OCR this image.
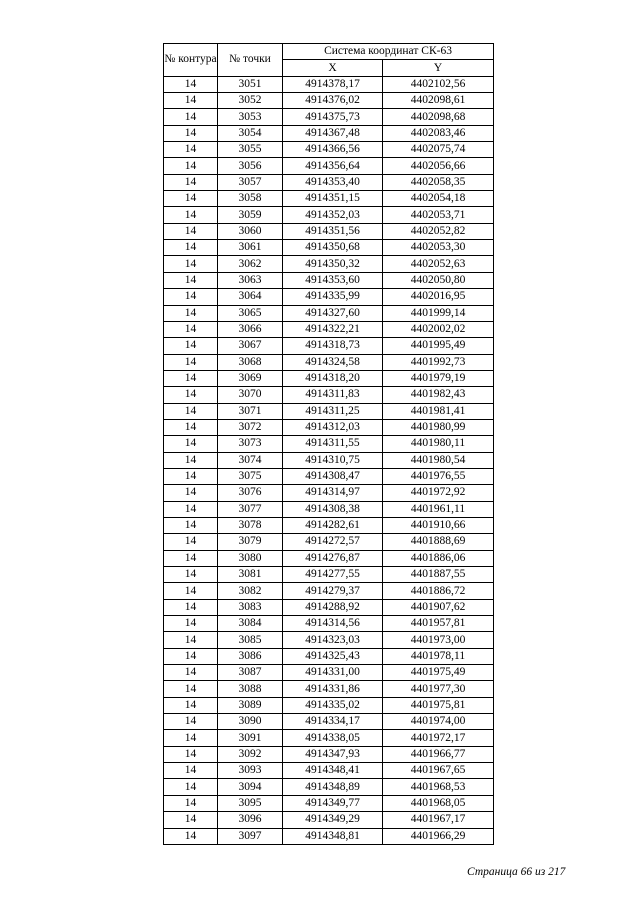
№ контура	№ точки	Система координат СК-63	
		X	Y
14	3051	4914378,17	4402102,56
14	3052	4914376,02	4402098,61
14	3053	4914375,73	4402098,68
14	3054	4914367,48	4402083,46
14	3055	4914366,56	4402075,74
14	3056	4914356,64	4402056,66
14	3057	4914353,40	4402058,35
14	3058	4914351,15	4402054,18
14	3059	4914352,03	4402053,71
14	3060	4914351,56	4402052,82
14	3061	4914350,68	4402053,30
14	3062	4914350,32	4402052,63
14	3063	4914353,60	4402050,80
14	3064	4914335,99	4402016,95
14	3065	4914327,60	4401999,14
14	3066	4914322,21	4402002,02
14	3067	4914318,73	4401995,49
14	3068	4914324,58	4401992,73
14	3069	4914318,20	4401979,19
14	3070	4914311,83	4401982,43
14	3071	4914311,25	4401981,41
14	3072	4914312,03	4401980,99
14	3073	4914311,55	4401980,11
14	3074	4914310,75	4401980,54
14	3075	4914308,47	4401976,55
14	3076	4914314,97	4401972,92
14	3077	4914308,38	4401961,11
14	3078	4914282,61	4401910,66
14	3079	4914272,57	4401888,69
14	3080	4914276,87	4401886,06
14	3081	4914277,55	4401887,55
14	3082	4914279,37	4401886,72
14	3083	4914288,92	4401907,62
14	3084	4914314,56	4401957,81
14	3085	4914323,03	4401973,00
14	3086	4914325,43	4401978,11
14	3087	4914331,00	4401975,49
14	3088	4914331,86	4401977,30
14	3089	4914335,02	4401975,81
14	3090	4914334,17	4401974,00
14	3091	4914338,05	4401972,17
14	3092	4914347,93	4401966,77
14	3093	4914348,41	4401967,65
14	3094	4914348,89	4401968,53
14	3095	4914349,77	4401968,05
14	3096	4914349,29	4401967,17
14	3097	4914348,81	4401966,29
Страница 66 из 217
